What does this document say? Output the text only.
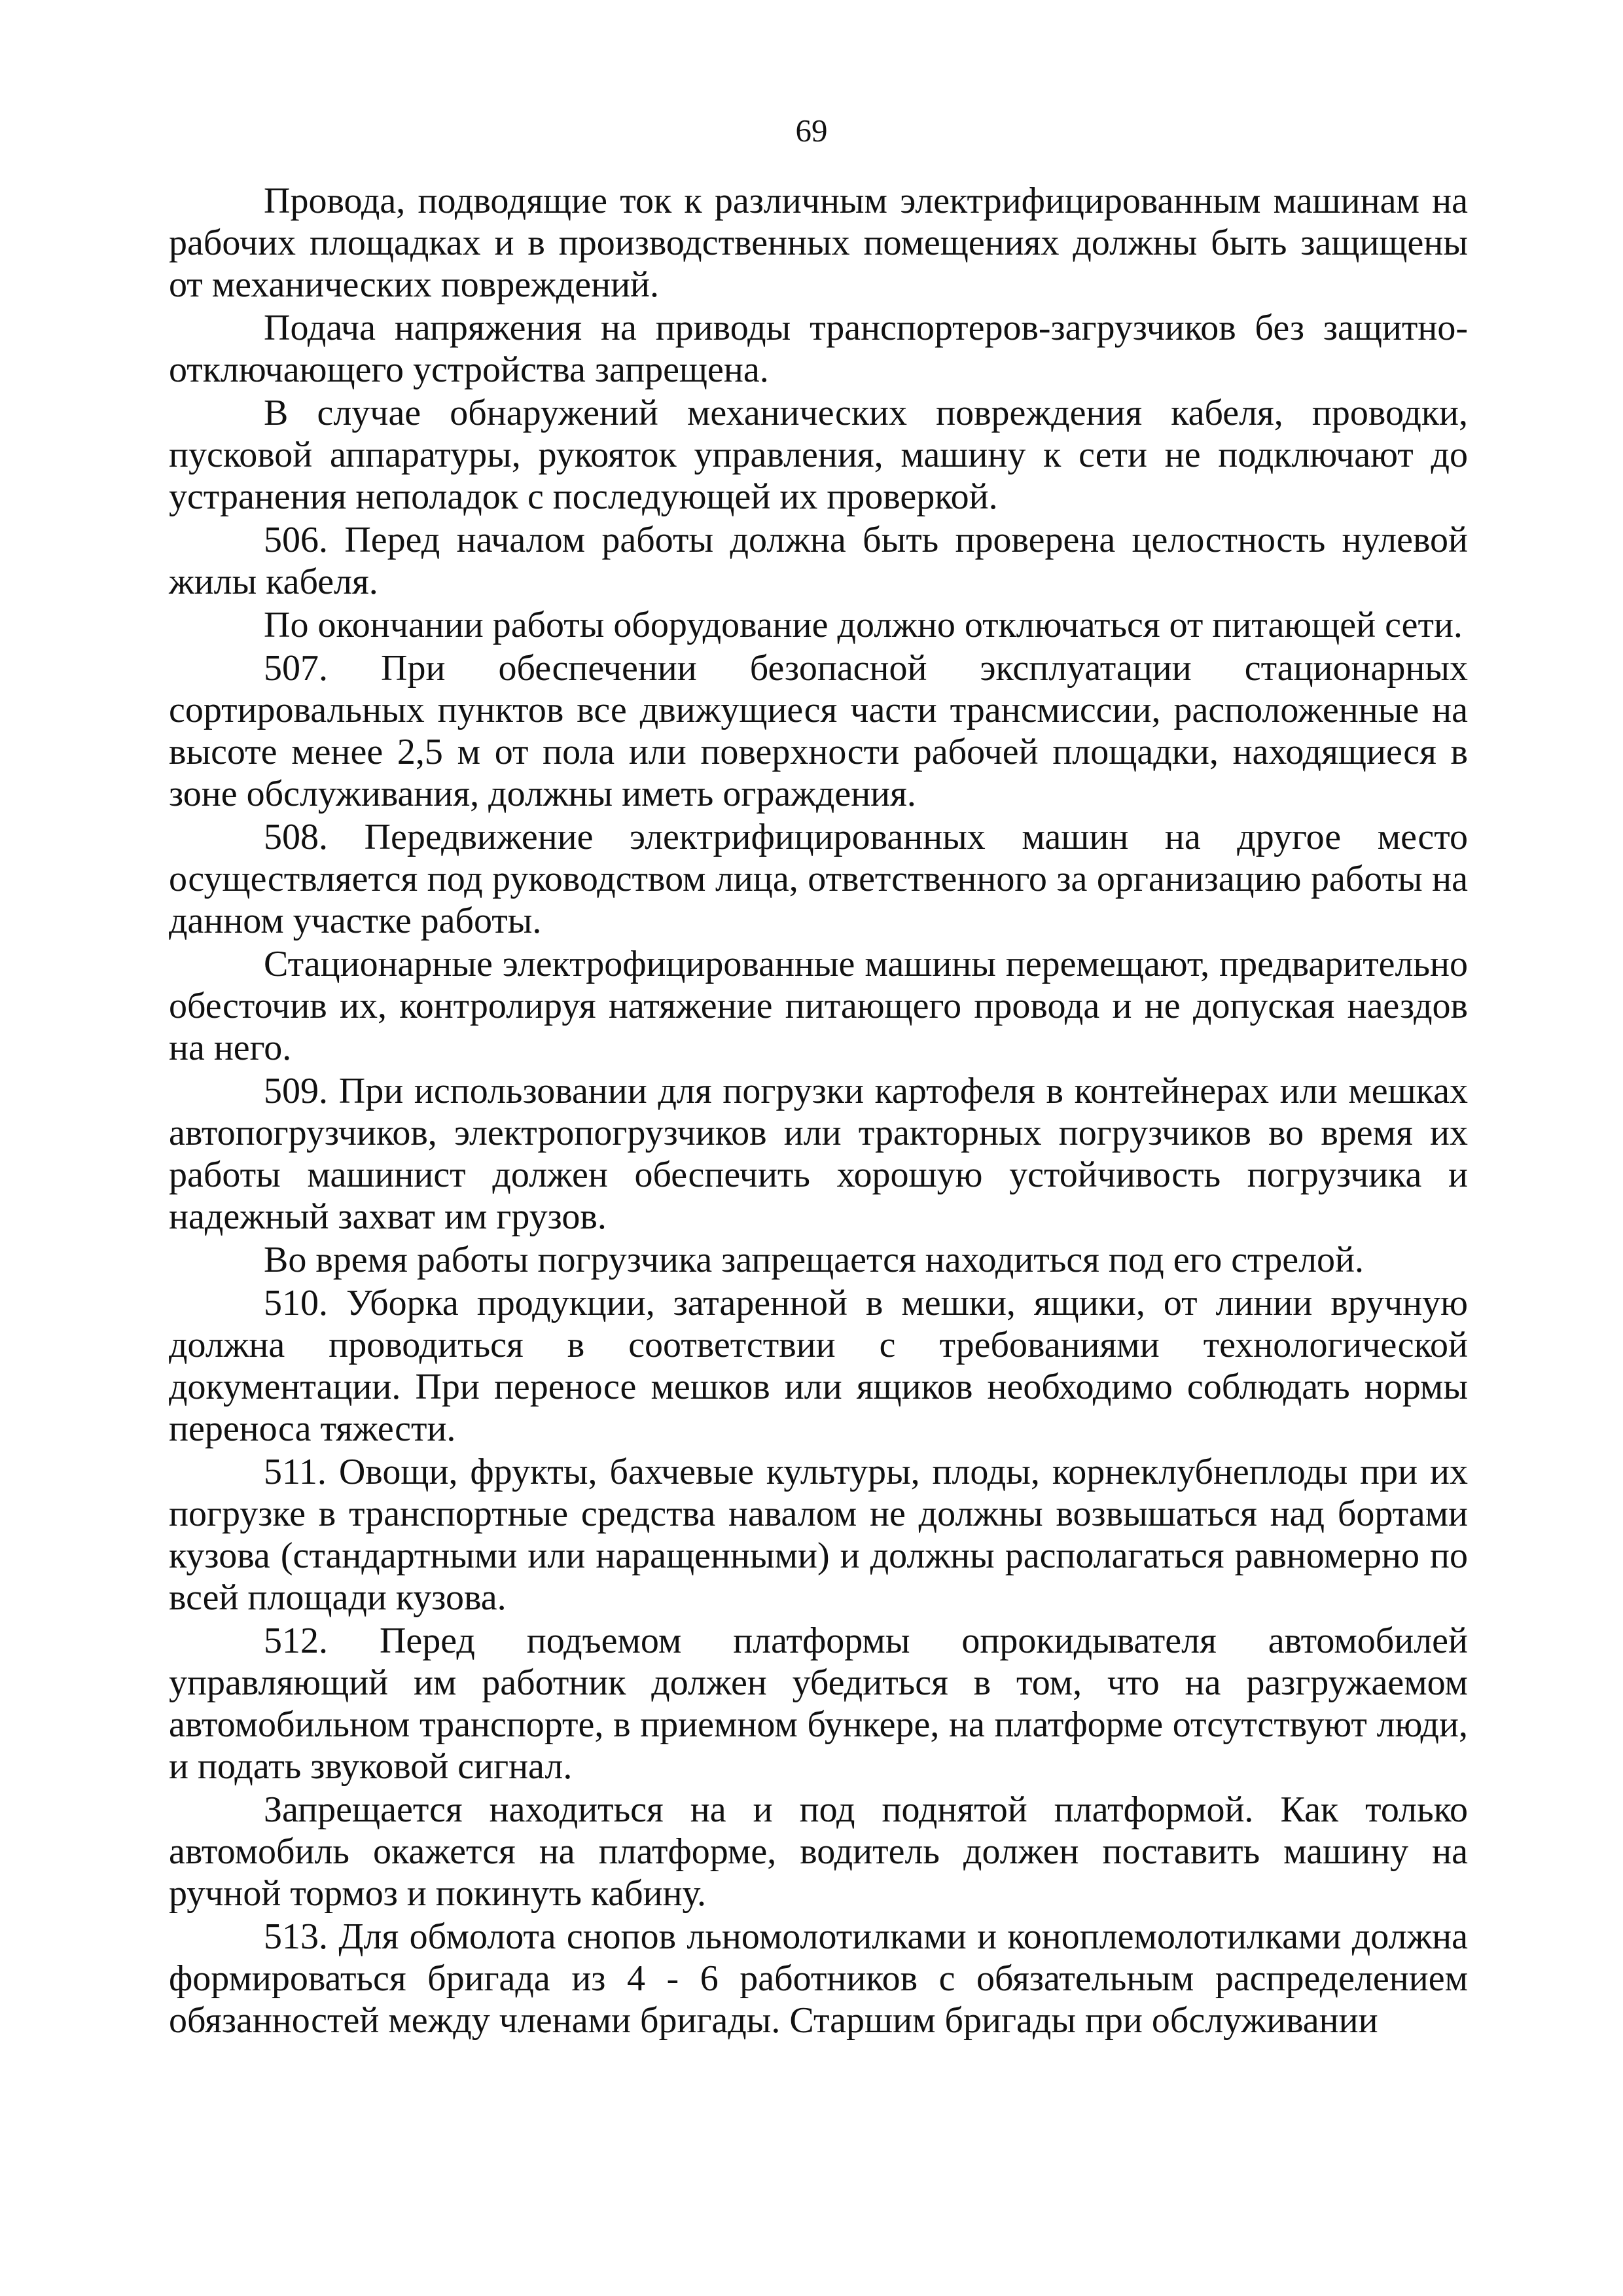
69

Провода, подводящие ток к различным электрифицированным машинам на рабочих площадках и в производственных помещениях должны быть защищены от механических повреждений.

Подача напряжения на приводы транспортеров-загрузчиков без защитно-отключающего устройства запрещена.

В случае обнаружений механических повреждения кабеля, проводки, пусковой аппаратуры, рукояток управления, машину к сети не подключают до устранения неполадок с последующей их проверкой.

506. Перед началом работы должна быть проверена целостность нулевой жилы кабеля.

По окончании работы оборудование должно отключаться от питающей сети.

507. При обеспечении безопасной эксплуатации стационарных сортировальных пунктов все движущиеся части трансмиссии, расположенные на высоте менее 2,5 м от пола или поверхности рабочей площадки, находящиеся в зоне обслуживания, должны иметь ограждения.

508. Передвижение электрифицированных машин на другое место осуществляется под руководством лица, ответственного за организацию работы на данном участке работы.

Стационарные электрофицированные машины перемещают, предварительно обесточив их, контролируя натяжение питающего провода и не допуская наездов на него.

509. При использовании для погрузки картофеля в контейнерах или мешках автопогрузчиков, электропогрузчиков или тракторных погрузчиков во время их работы машинист должен обеспечить хорошую устойчивость погрузчика и надежный захват им грузов.

Во время работы погрузчика запрещается находиться под его стрелой.

510. Уборка продукции, затаренной в мешки, ящики, от линии вручную должна проводиться в соответствии с требованиями технологической документации. При переносе мешков или ящиков необходимо соблюдать нормы переноса тяжести.

511. Овощи, фрукты, бахчевые культуры, плоды, корнеклубнеплоды при их погрузке в транспортные средства навалом не должны возвышаться над бортами кузова (стандартными или наращенными) и должны располагаться равномерно по всей площади кузова.

512. Перед подъемом платформы опрокидывателя автомобилей управляющий им работник должен убедиться в том, что на разгружаемом автомобильном транспорте, в приемном бункере, на платформе отсутствуют люди, и подать звуковой сигнал.

Запрещается находиться на и под поднятой платформой. Как только автомобиль окажется на платформе, водитель должен поставить машину на ручной тормоз и покинуть кабину.

513. Для обмолота снопов льномолотилками и коноплемолотилками должна формироваться бригада из 4 - 6 работников с обязательным распределением обязанностей между членами бригады. Старшим бригады при обслуживании
